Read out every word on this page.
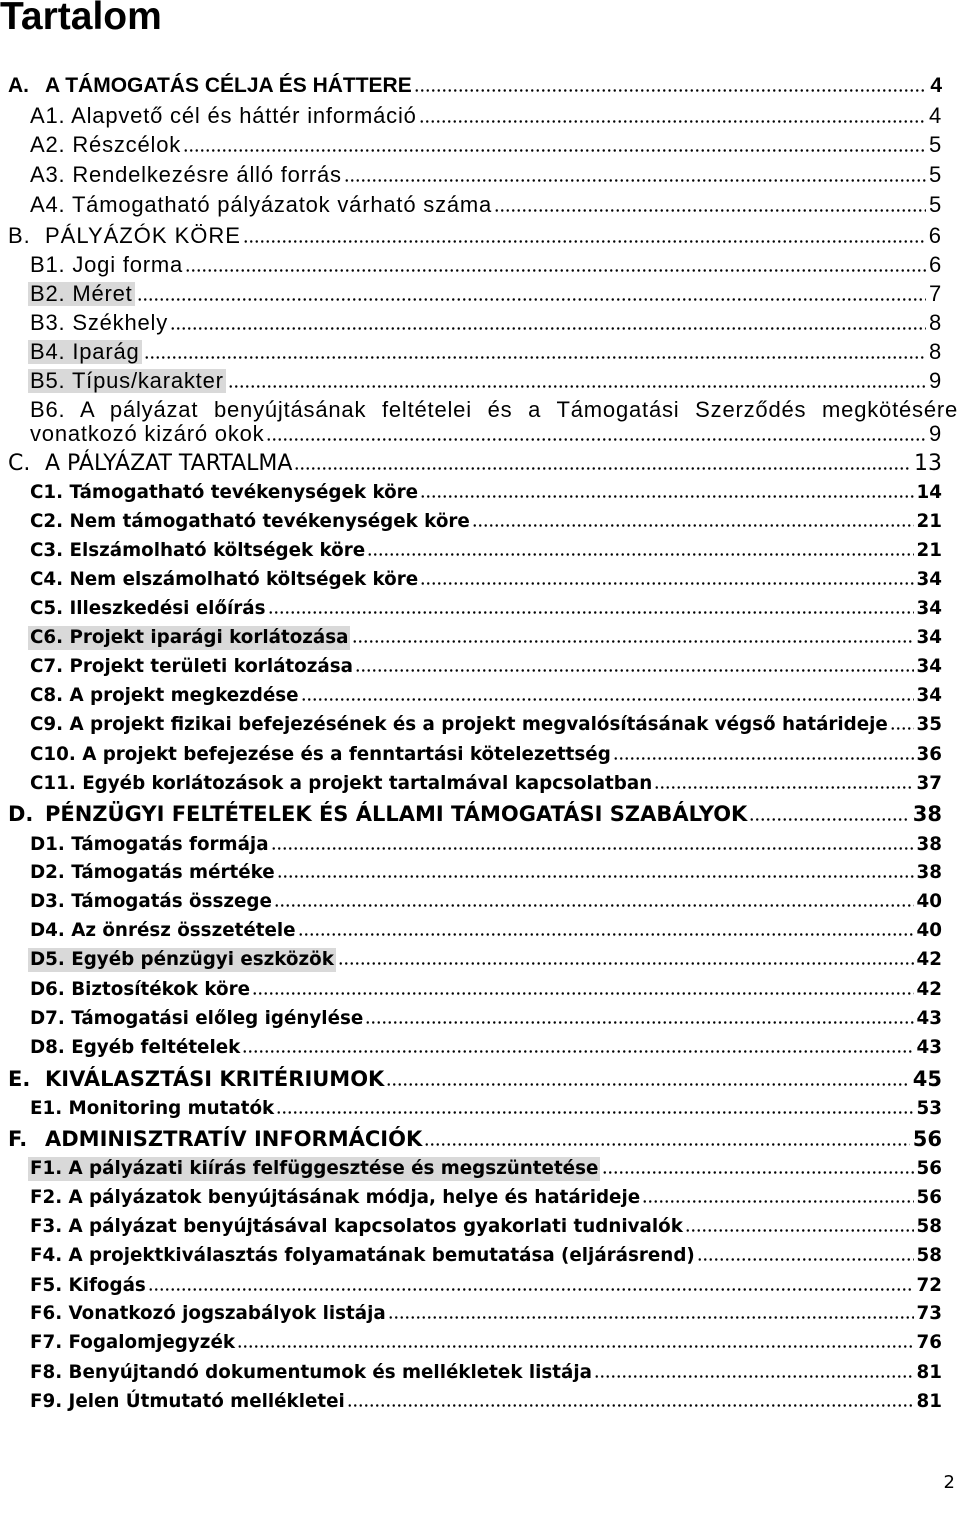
Tartalom
A. A TÁMOGATÁS CÉLJA ÉS HÁTTERE	4
A1. Alapvető cél és háttér információ	4
A2. Részcélok	5
A3. Rendelkezésre álló forrás	5
A4. Támogatható pályázatok várható száma	5
B. PÁLYÁZÓK KÖRE	6
B1. Jogi forma	6
B2. Méret	7
B3. Székhely	8
B4. Iparág	8
B5. Típus/karakter	9
B6. A pályázat benyújtásának feltételei és a Támogatási Szerződés megkötésére
vonatkozó kizáró okok	9
C. A PÁLYÁZAT TARTALMA	13
C1. Támogatható tevékenységek köre	14
C2. Nem támogatható tevékenységek köre	21
C3. Elszámolható költségek köre	21
C4. Nem elszámolható költségek köre	34
C5. Illeszkedési előírás	34
C6. Projekt iparági korlátozása	34
C7. Projekt területi korlátozása	34
C8. A projekt megkezdése	34
C9. A projekt fizikai befejezésének és a projekt megvalósításának végső határideje 35
C10. A projekt befejezése és a fenntartási kötelezettség	36
C11. Egyéb korlátozások a projekt tartalmával kapcsolatban	37
D. PÉNZÜGYI FELTÉTELEK ÉS ÁLLAMI TÁMOGATÁSI SZABÁLYOK	38
D1. Támogatás formája	38
D2. Támogatás mértéke	38
D3. Támogatás összege	40
D4. Az önrész összetétele	40
D5. Egyéb pénzügyi eszközök	42
D6. Biztosítékok köre	42
D7. Támogatási előleg igénylése	43
D8. Egyéb feltételek	43
E. KIVÁLASZTÁSI KRITÉRIUMOK	45
E1. Monitoring mutatók	53
F. ADMINISZTRATÍV INFORMÁCIÓK	56
F1. A pályázati kiírás felfüggesztése és megszüntetése	56
F2. A pályázatok benyújtásának módja, helye és határideje	56
F3. A pályázat benyújtásával kapcsolatos gyakorlati tudnivalók	58
F4. A projektkiválasztás folyamatának bemutatása (eljárásrend)	58
F5. Kifogás	72
F6. Vonatkozó jogszabályok listája	73
F7. Fogalomjegyzék	76
F8. Benyújtandó dokumentumok és mellékletek listája	81
F9. Jelen Útmutató mellékletei	81
2
